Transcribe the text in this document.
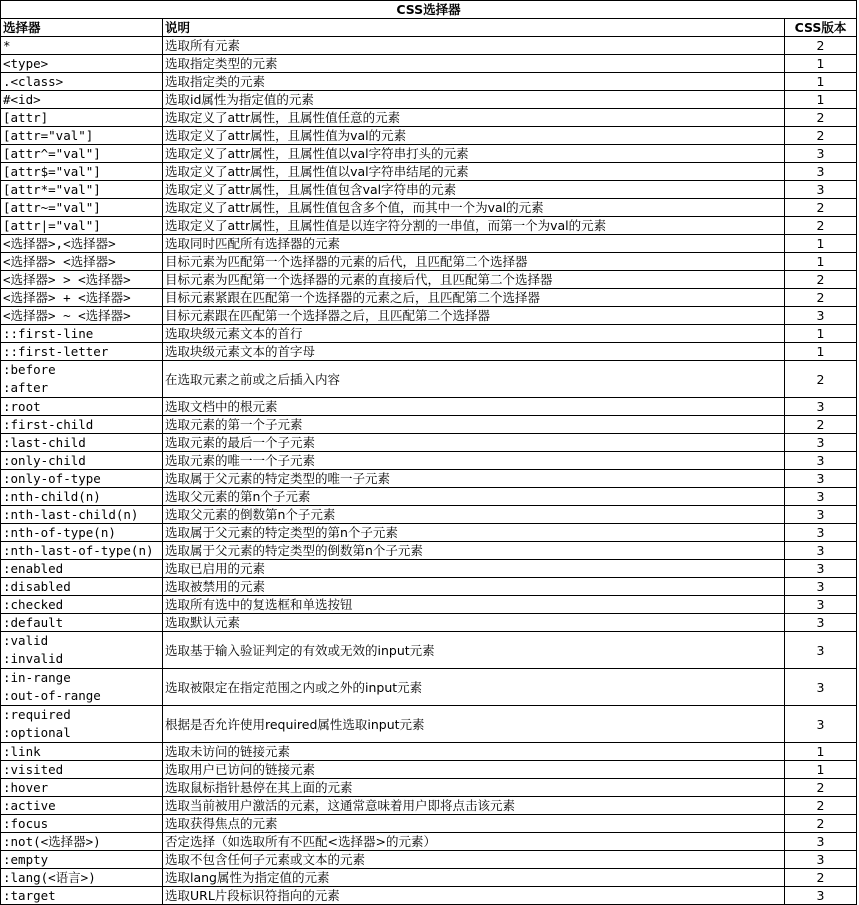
CSS选择器		
选择器	说明	CSS版本
*	选取所有元素	2
<type>	选取指定类型的元素	1
.<class>	选取指定类的元素	1
#<id>	选取id属性为指定值的元素	1
[attr]	选取定义了attr属性，且属性值任意的元素	2
[attr="val"]	选取定义了attr属性，且属性值为val的元素	2
[attr^="val"]	选取定义了attr属性，且属性值以val字符串打头的元素	3
[attr$="val"]	选取定义了attr属性，且属性值以val字符串结尾的元素	3
[attr*="val"]	选取定义了attr属性，且属性值包含val字符串的元素	3
[attr~="val"]	选取定义了attr属性，且属性值包含多个值，而其中一个为val的元素	2
[attr|="val"]	选取定义了attr属性，且属性值是以连字符分割的一串值，而第一个为val的元素	2
<选择器>,<选择器>	选取同时匹配所有选择器的元素	1
<选择器> <选择器>	目标元素为匹配第一个选择器的元素的后代，且匹配第二个选择器	1
<选择器> > <选择器>	目标元素为匹配第一个选择器的元素的直接后代，且匹配第二个选择器	2
<选择器> + <选择器>	目标元素紧跟在匹配第一个选择器的元素之后，且匹配第二个选择器	2
<选择器> ~ <选择器>	目标元素跟在匹配第一个选择器之后，且匹配第二个选择器	3
::first-line	选取块级元素文本的首行	1
::first-letter	选取块级元素文本的首字母	1

:before
:after	在选取元素之前或之后插入内容	2
:root	选取文档中的根元素	3
:first-child	选取元素的第一个子元素	2
:last-child	选取元素的最后一个子元素	3
:only-child	选取元素的唯一一个子元素	3
:only-of-type	选取属于父元素的特定类型的唯一子元素	3
:nth-child(n)	选取父元素的第n个子元素	3
:nth-last-child(n)	选取父元素的倒数第n个子元素	3
:nth-of-type(n)	选取属于父元素的特定类型的第n个子元素	3
:nth-last-of-type(n)	选取属于父元素的特定类型的倒数第n个子元素	3
:enabled	选取已启用的元素	3
:disabled	选取被禁用的元素	3
:checked	选取所有选中的复选框和单选按钮	3
:default	选取默认元素	3

:valid
:invalid	选取基于输入验证判定的有效或无效的input元素	3

:in-range
:out-of-range	选取被限定在指定范围之内或之外的input元素	3

:required
:optional	根据是否允许使用required属性选取input元素	3
:link	选取未访问的链接元素	1
:visited	选取用户已访问的链接元素	1
:hover	选取鼠标指针悬停在其上面的元素	2
:active	选取当前被用户激活的元素，这通常意味着用户即将点击该元素	2
:focus	选取获得焦点的元素	2
:not(<选择器>)	否定选择（如选取所有不匹配<选择器>的元素）	3
:empty	选取不包含任何子元素或文本的元素	3
:lang(<语言>)	选取lang属性为指定值的元素	2
:target	选取URL片段标识符指向的元素	3
